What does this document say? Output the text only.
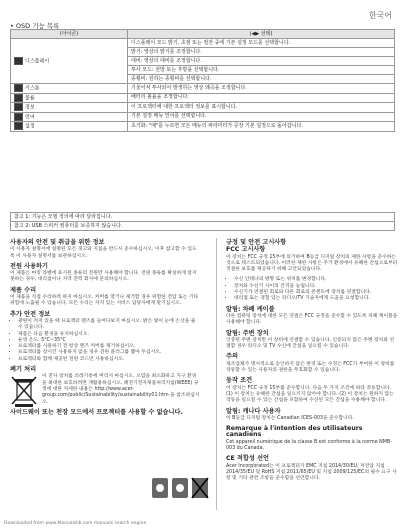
한국어
• OSD 기능 목록
(아이콘)	(◀▶ 선택)
디스플레이	디스플레이 모드 밝기, 초점 또는 절전 중에 기본 설정 모드를 선택합니다.
	밝기: 영상의 밝기를 조정합니다.
	대비: 영상의 대비를 조정합니다.
	투사 모드: 전방 또는 후방을 선택합니다.
	종횡비: 원하는 종횡비를 선택합니다.
키스톤	기울어져 투사되어 발생하는 영상 왜곡을 조정합니다.
볼륨	배터리 볼륨을 조정합니다.
정보	이 프로젝터에 대한 프로젝터 정보를 표시합니다.
언어	기본 설정 메뉴 언어를 선택합니다.
설정	초기화: "예"를 누르면 모든 메뉴의 파라미터가 공장 기본 설정으로 돌아갑니다.
참고 1: 기능은 모델 정의에 따라 달라집니다.
참고 2: USB 스피커 컴퓨터를 보증하지 않습니다.
사용자의 안전 및 취급을 위한 정보

이 사용자 설명서에 설명된 모든 경고와 지침을 반드시 준수하십시오. 이후 참고할 수 있도록 이 사용자 설명서를 보관하십시오.

전원 사용하기

이 제품은 마킹 라벨에 표시된 종류의 전원만 사용해야 합니다. 전원 종류를 확실하게 알지 못하는 경우, 대리점이나 지역 전력 회사에 문의하십시오.

제품 수리

이 제품을 직접 수리하려 하지 마십시오. 커버를 열거나 제거할 경우 위험한 전압 또는 기타 위험에 노출될 수 있습니다. 모든 수리는 자격 있는 서비스 담당자에게 맡기십시오.

추가 안전 정보
• 광원이 켜져 있을 때 프로젝터 렌즈를 들여다보지 마십시오. 밝은 빛이 눈에 손상을 줄 수 있습니다.
• 제품은 다음 환경을 유지하십시오.
• 운영 온도: 5°C~35°C
• 프로젝터를 사용하기 전 항상 렌즈 커버를 제거하십시오.
• 프로젝터를 장시간 사용하지 않을 경우 전원 플러그를 뽑아 두십시오.
• 프로젝터와 함께 제공된 전원 코드만 사용하십시오.
폐기 처리

이 전자 장치를 쓰레기통에 버리지 마십시오. 오염을 최소화하고 지구 환경을 최대한 보호하려면 재활용하십시오. 폐전기전자제품처리지침(WEEE) 규정에 대한 자세한 내용은 http://www.acer-group.com/public/Sustainability/sustainability01.htm 을 참조하십시오.

사이드웨이 또는 천장 모드에서 프로젝터를 사용할 수 없습니다.
규정 및 안전 고시사항
FCC 고시사항

이 장치는 FCC 규정 15부에 의거하여 B등급 디지털 장치의 제한 사항을 준수하는 것으로 테스트되었습니다. 이러한 제한 사항은 주거 환경에서 유해한 간섭으로부터 적절한 보호를 제공하기 위해 고안되었습니다.

• 수신 안테나의 방향 또는 위치를 변경합니다.
• 장치와 수신기 사이의 간격을 늘립니다.
• 수신기가 연결된 회로와 다른 회로의 콘센트에 장치를 연결합니다.
• 대리점 또는 경험 있는 라디오/TV 기술자에게 도움을 요청합니다.
알림: 차폐 케이블

다른 컴퓨팅 장치에 대한 모든 연결은 FCC 규정을 준수할 수 있도록 차폐 케이블을 사용해야 합니다.

알림: 주변 장치

인증된 주변 장치만 이 장비에 연결할 수 있습니다. 인증되지 않은 주변 장치와 연결할 경우 라디오 및 TV 수신에 간섭을 일으킬 수 있습니다.

주의

제조업체가 명시적으로 승인하지 않은 변경 또는 수정은 FCC가 부여한 이 장비를 작동할 수 있는 사용자의 권한을 무효화할 수 있습니다.

동작 조건

이 장치는 FCC 규정 15부를 준수합니다. 다음 두 가지 조건에 따라 작동합니다. (1) 이 장치는 유해한 간섭을 일으키지 않아야 합니다. (2) 이 장치는 원하지 않는 작동을 일으킬 수 있는 간섭을 포함하여 수신된 모든 간섭을 수용해야 합니다.

알림: 캐나다 사용자

이 B등급 디지털 장치는 Canadian ICES-003을 준수합니다.

Remarque à l'intention des utilisateurs canadiens

Cet appareil numérique de la classe B est conforme à la norme NMB-003 du Canada.

CE 적합성 선언

Acer Incorporated는 이 프로젝터가 EMC 지침 2014/30/EU, 저전압 지침 2014/35/EU 및 RoHS 지침 2011/65/EU 및 지침 2009/125/EC의 필수 요구 사항 및 기타 관련 조항을 준수함을 선언합니다.

Downloaded from www.Manualslib.com manuals search engine
